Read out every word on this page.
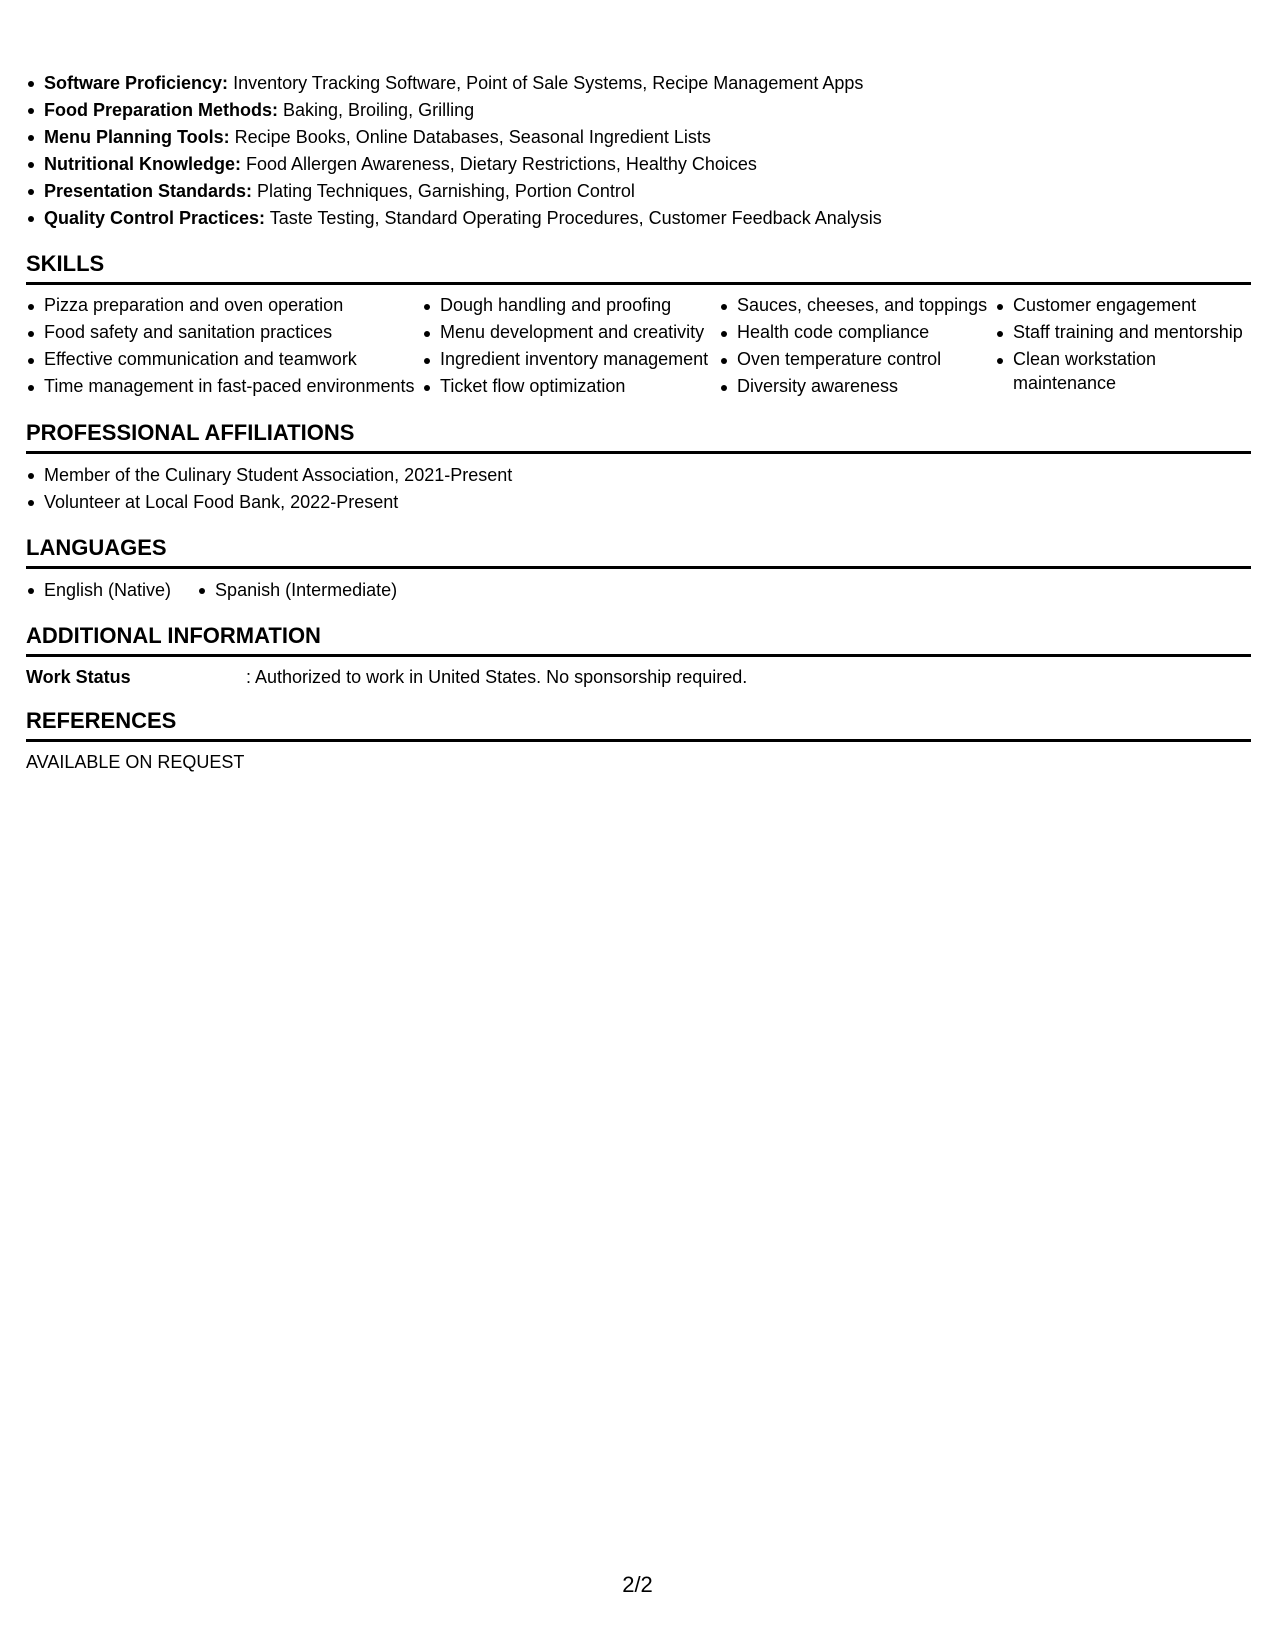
Software Proficiency: Inventory Tracking Software, Point of Sale Systems, Recipe Management Apps
Food Preparation Methods: Baking, Broiling, Grilling
Menu Planning Tools: Recipe Books, Online Databases, Seasonal Ingredient Lists
Nutritional Knowledge: Food Allergen Awareness, Dietary Restrictions, Healthy Choices
Presentation Standards: Plating Techniques, Garnishing, Portion Control
Quality Control Practices: Taste Testing, Standard Operating Procedures, Customer Feedback Analysis
SKILLS
Pizza preparation and oven operation
Food safety and sanitation practices
Effective communication and teamwork
Time management in fast-paced environments
Dough handling and proofing
Menu development and creativity
Ingredient inventory management
Ticket flow optimization
Sauces, cheeses, and toppings
Health code compliance
Oven temperature control
Diversity awareness
Customer engagement
Staff training and mentorship
Clean workstation maintenance
PROFESSIONAL AFFILIATIONS
Member of the Culinary Student Association, 2021-Present
Volunteer at Local Food Bank, 2022-Present
LANGUAGES
English (Native)	Spanish (Intermediate)
ADDITIONAL INFORMATION
Work Status	: Authorized to work in United States. No sponsorship required.
REFERENCES
AVAILABLE ON REQUEST
2/2
